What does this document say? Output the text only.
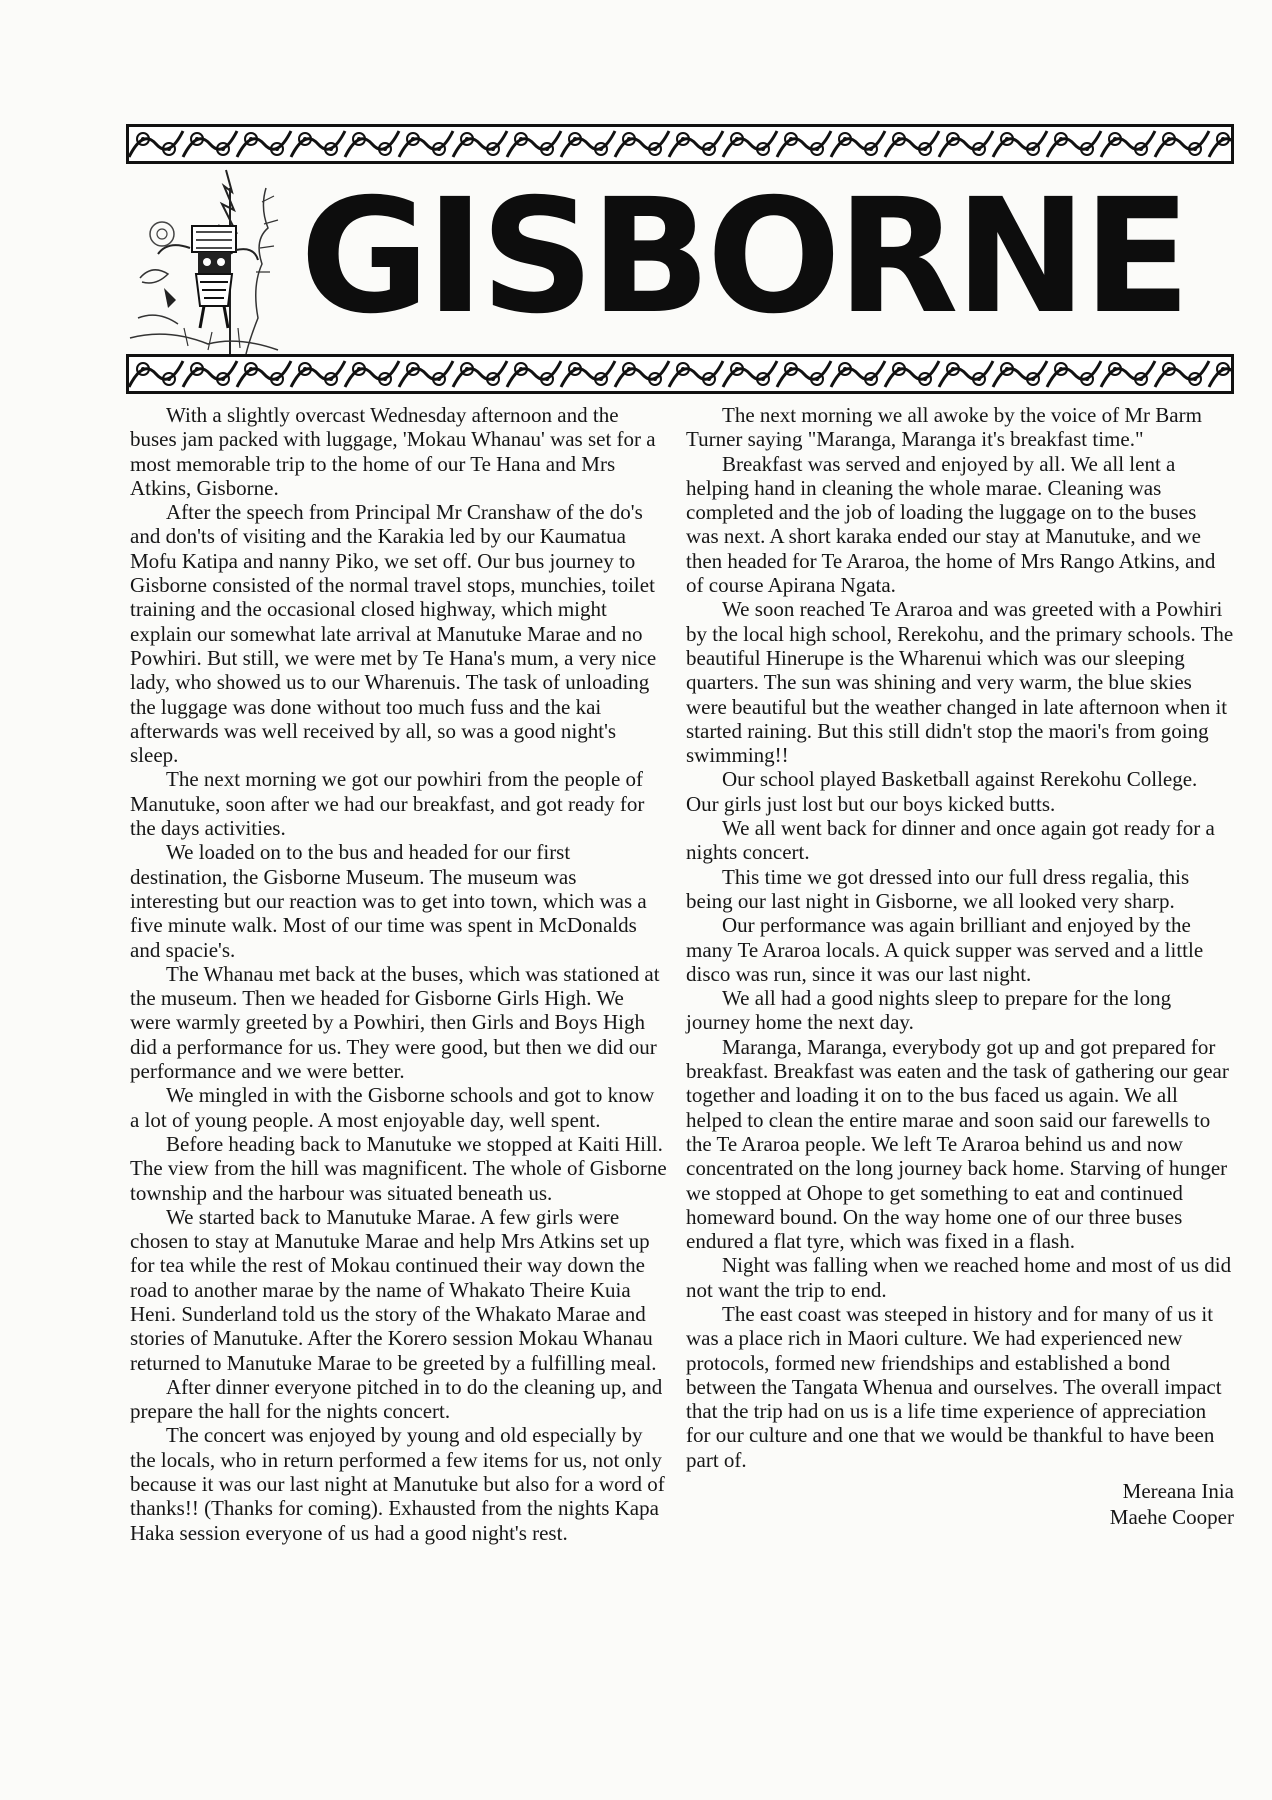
GISBORNE

With a slightly overcast Wednesday afternoon and the buses jam packed with luggage, 'Mokau Whanau' was set for a most memorable trip to the home of our Te Hana and Mrs Atkins, Gisborne.

After the speech from Principal Mr Cranshaw of the do's and don'ts of visiting and the Karakia led by our Kaumatua Mofu Katipa and nanny Piko, we set off. Our bus journey to Gisborne consisted of the normal travel stops, munchies, toilet training and the occasional closed highway, which might explain our somewhat late arrival at Manutuke Marae and no Powhiri. But still, we were met by Te Hana's mum, a very nice lady, who showed us to our Wharenuis. The task of unloading the luggage was done without too much fuss and the kai afterwards was well received by all, so was a good night's sleep.

The next morning we got our powhiri from the people of Manutuke, soon after we had our breakfast, and got ready for the days activities.

We loaded on to the bus and headed for our first destination, the Gisborne Museum. The museum was interesting but our reaction was to get into town, which was a five minute walk. Most of our time was spent in McDonalds and spacie's.

The Whanau met back at the buses, which was stationed at the museum. Then we headed for Gisborne Girls High. We were warmly greeted by a Powhiri, then Girls and Boys High did a performance for us. They were good, but then we did our performance and we were better.

We mingled in with the Gisborne schools and got to know a lot of young people. A most enjoyable day, well spent.

Before heading back to Manutuke we stopped at Kaiti Hill. The view from the hill was magnificent. The whole of Gisborne township and the harbour was situated beneath us.

We started back to Manutuke Marae. A few girls were chosen to stay at Manutuke Marae and help Mrs Atkins set up for tea while the rest of Mokau continued their way down the road to another marae by the name of Whakato Theire Kuia Heni. Sunderland told us the story of the Whakato Marae and stories of Manutuke. After the Korero session Mokau Whanau returned to Manutuke Marae to be greeted by a fulfilling meal.

After dinner everyone pitched in to do the cleaning up, and prepare the hall for the nights concert.

The concert was enjoyed by young and old especially by the locals, who in return performed a few items for us, not only because it was our last night at Manutuke but also for a word of thanks!! (Thanks for coming). Exhausted from the nights Kapa Haka session everyone of us had a good night's rest.

The next morning we all awoke by the voice of Mr Barm Turner saying "Maranga, Maranga it's breakfast time."

Breakfast was served and enjoyed by all. We all lent a helping hand in cleaning the whole marae. Cleaning was completed and the job of loading the luggage on to the buses was next. A short karaka ended our stay at Manutuke, and we then headed for Te Araroa, the home of Mrs Rango Atkins, and of course Apirana Ngata.

We soon reached Te Araroa and was greeted with a Powhiri by the local high school, Rerekohu, and the primary schools. The beautiful Hinerupe is the Wharenui which was our sleeping quarters. The sun was shining and very warm, the blue skies were beautiful but the weather changed in late afternoon when it started raining. But this still didn't stop the maori's from going swimming!!

Our school played Basketball against Rerekohu College. Our girls just lost but our boys kicked butts.

We all went back for dinner and once again got ready for a nights concert.

This time we got dressed into our full dress regalia, this being our last night in Gisborne, we all looked very sharp.

Our performance was again brilliant and enjoyed by the many Te Araroa locals. A quick supper was served and a little disco was run, since it was our last night.

We all had a good nights sleep to prepare for the long journey home the next day.

Maranga, Maranga, everybody got up and got prepared for breakfast. Breakfast was eaten and the task of gathering our gear together and loading it on to the bus faced us again. We all helped to clean the entire marae and soon said our farewells to the Te Araroa people. We left Te Araroa behind us and now concentrated on the long journey back home. Starving of hunger we stopped at Ohope to get something to eat and continued homeward bound. On the way home one of our three buses endured a flat tyre, which was fixed in a flash.

Night was falling when we reached home and most of us did not want the trip to end.

The east coast was steeped in history and for many of us it was a place rich in Maori culture. We had experienced new protocols, formed new friendships and established a bond between the Tangata Whenua and ourselves. The overall impact that the trip had on us is a life time experience of appreciation for our culture and one that we would be thankful to have been part of.

Mereana Inia
Maehe Cooper
